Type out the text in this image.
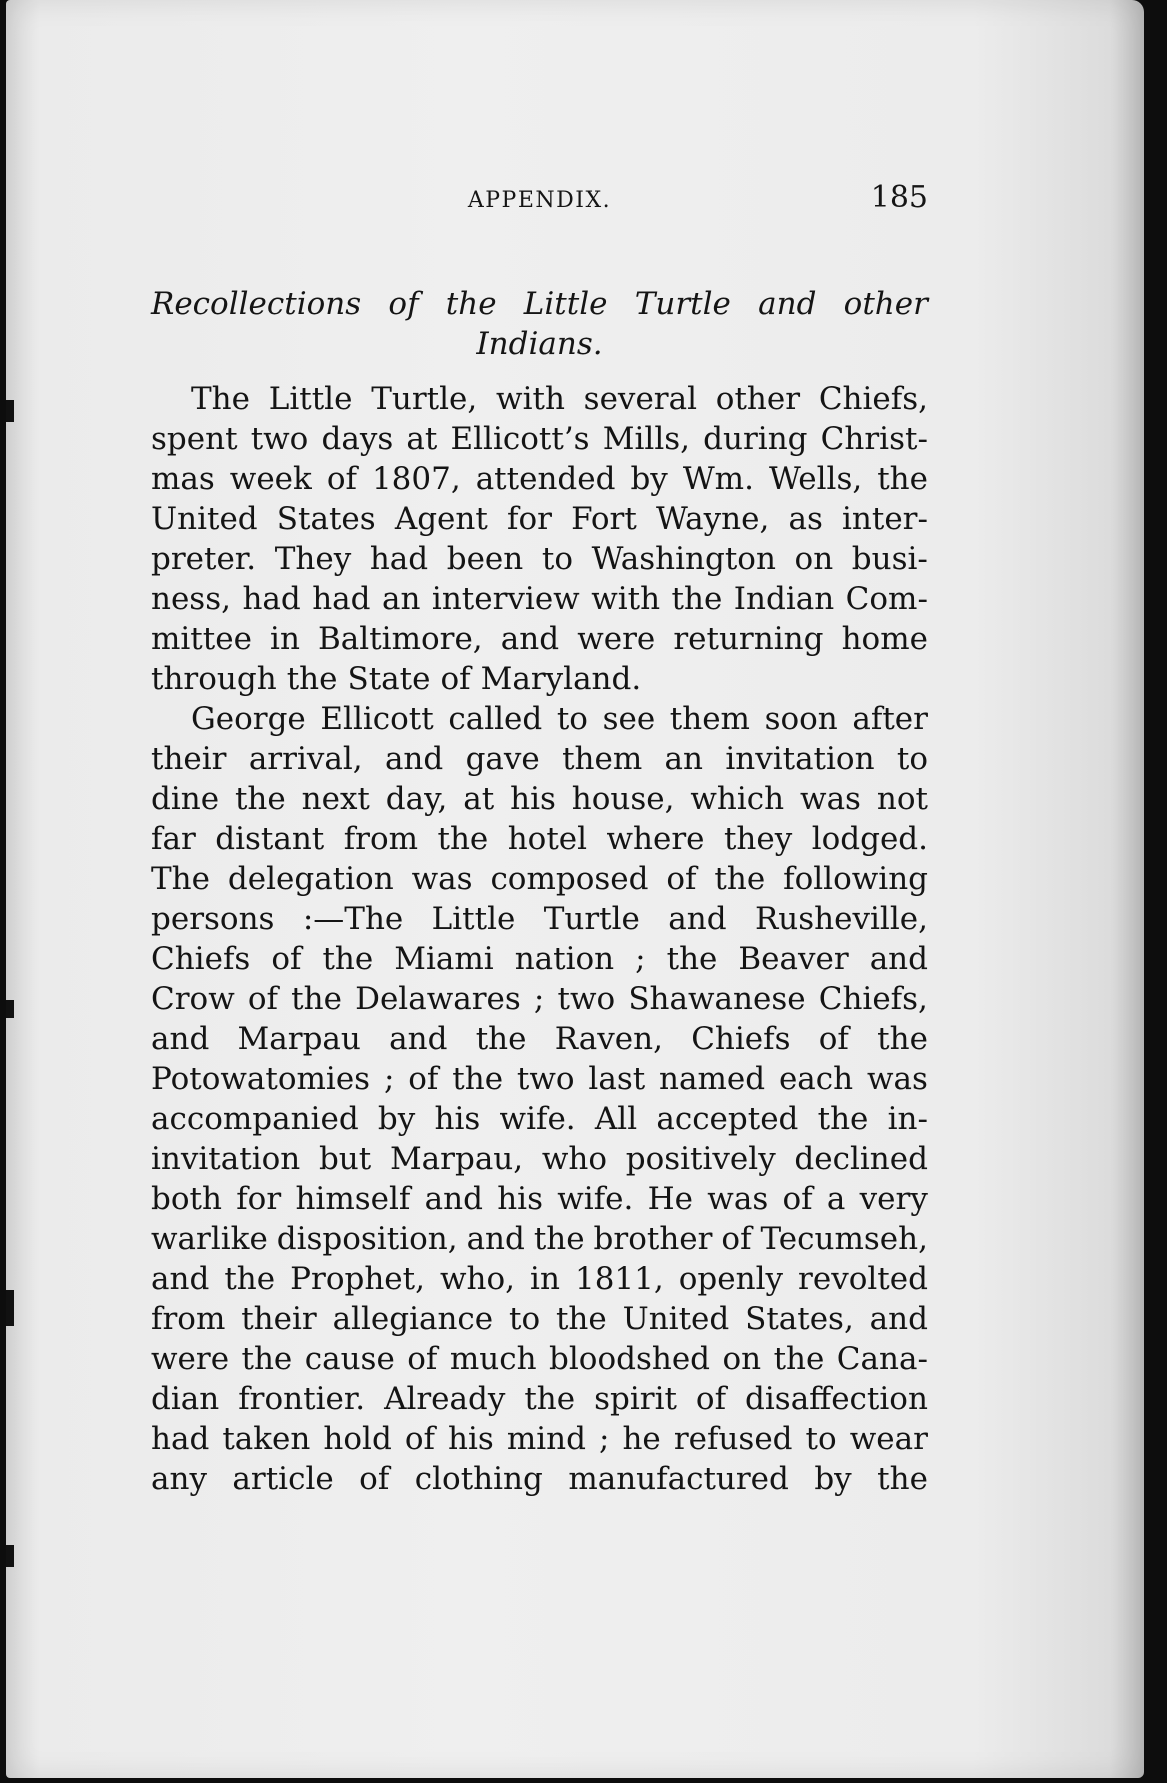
APPENDIX.	185
Recollections of the Little Turtle and other
Indians.
The Little Turtle, with several other Chiefs,
spent two days at Ellicott’s Mills, during Christ-
mas week of 1807, attended by Wm. Wells, the
United States Agent for Fort Wayne, as inter-
preter. They had been to Washington on busi-
ness, had had an interview with the Indian Com-
mittee in Baltimore, and were returning home
through the State of Maryland.
George Ellicott called to see them soon after
their arrival, and gave them an invitation to
dine the next day, at his house, which was not
far distant from the hotel where they lodged.
The delegation was composed of the following
persons :—The Little Turtle and Rusheville,
Chiefs of the Miami nation ; the Beaver and
Crow of the Delawares ; two Shawanese Chiefs,
and Marpau and the Raven, Chiefs of the
Potowatomies ; of the two last named each was
accompanied by his wife. All accepted the in-
invitation but Marpau, who positively declined
both for himself and his wife. He was of a very
warlike disposition, and the brother of Tecumseh,
and the Prophet, who, in 1811, openly revolted
from their allegiance to the United States, and
were the cause of much bloodshed on the Cana-
dian frontier. Already the spirit of disaffection
had taken hold of his mind ; he refused to wear
any article of clothing manufactured by the
